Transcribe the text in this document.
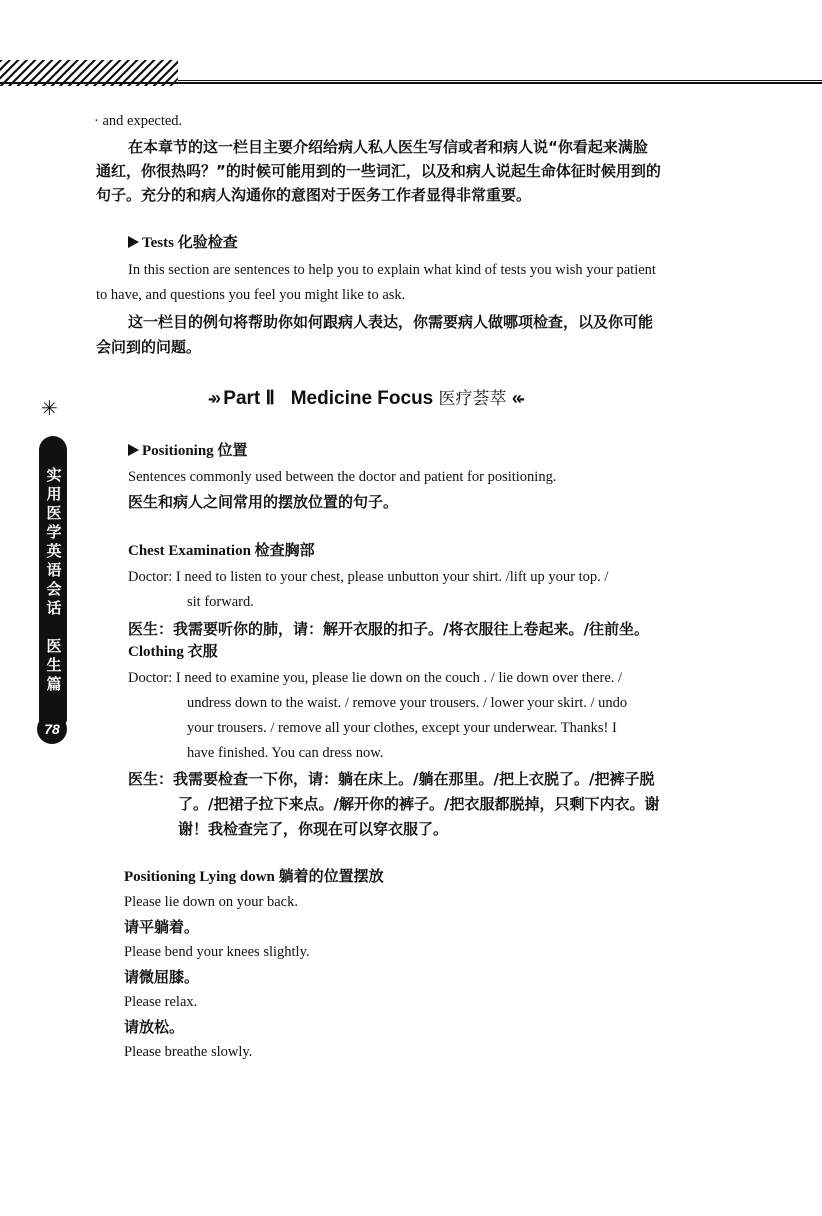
✳
实用医学英语会话

医生篇
78
· and expected.
在本章节的这一栏目主要介绍给病人私人医生写信或者和病人说“你看起来满脸
通红，你很热吗？”的时候可能用到的一些词汇，以及和病人说起生命体征时候用到的
句子。充分的和病人沟通你的意图对于医务工作者显得非常重要。
Tests 化验检查
In this section are sentences to help you to explain what kind of tests you wish your patient
to have, and questions you feel you might like to ask.
这一栏目的例句将帮助你如何跟病人表达，你需要病人做哪项检查，以及你可能
会问到的问题。
-» Part Ⅱ   Medicine Focus 医疗荟萃 «-
Positioning 位置
Sentences commonly used between the doctor and patient for positioning.
医生和病人之间常用的摆放位置的句子。
Chest Examination 检查胸部
Doctor: I need to listen to your chest, please unbutton your shirt. /lift up your top. /
sit forward.
医生：我需要听你的肺，请：解开衣服的扣子。/将衣服往上卷起来。/往前坐。
Clothing 衣服
Doctor: I need to examine you, please lie down on the couch . / lie down over there. /
undress down to the waist. / remove your trousers. / lower your skirt. / undo
your trousers. / remove all your clothes, except your underwear. Thanks! I
have finished. You can dress now.
医生：我需要检查一下你，请：躺在床上。/躺在那里。/把上衣脱了。/把裤子脱
了。/把裙子拉下来点。/解开你的裤子。/把衣服都脱掉，只剩下内衣。谢
谢！我检查完了，你现在可以穿衣服了。
Positioning Lying down 躺着的位置摆放
Please lie down on your back.
请平躺着。
Please bend your knees slightly.
请微屈膝。
Please relax.
请放松。
Please breathe slowly.
